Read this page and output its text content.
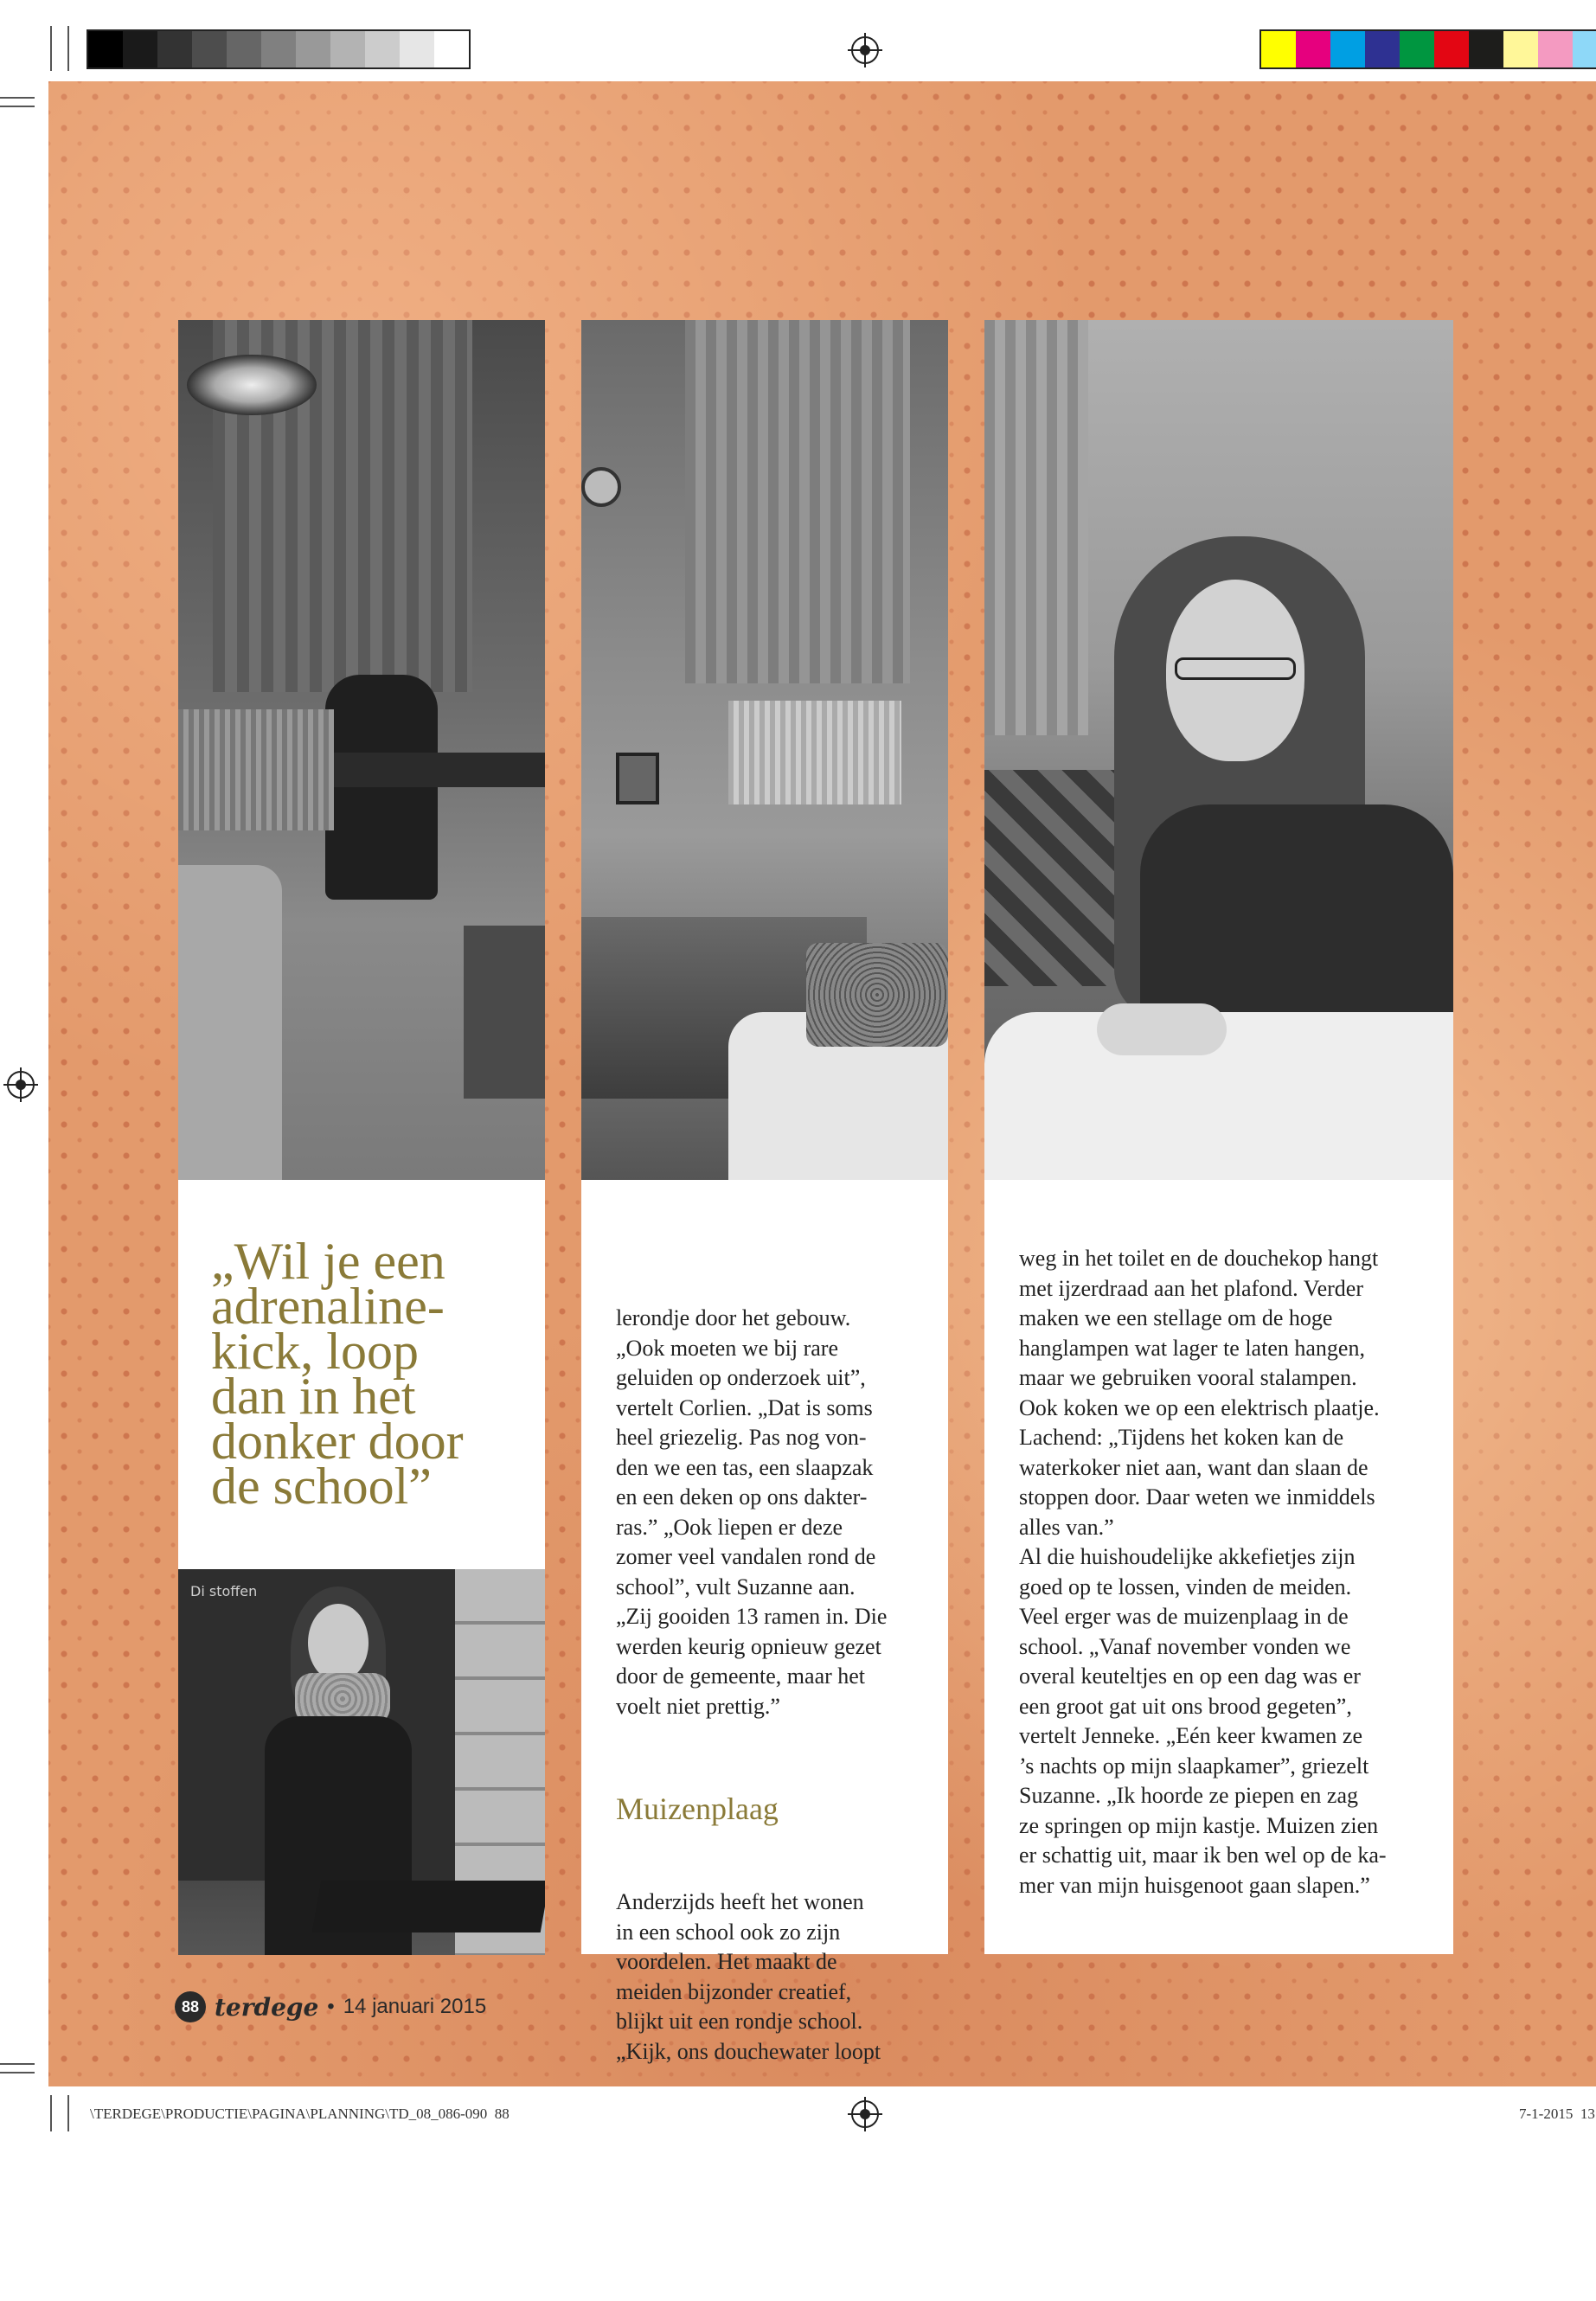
„Wil je een
adrenaline-
kick, loop
dan in het
donker door
de school”
Di stoffen

lerondje door het gebouw.
„Ook moeten we bij rare
geluiden op onderzoek uit”,
vertelt Corlien. „Dat is soms
heel griezelig. Pas nog von-
den we een tas, een slaapzak
en een deken op ons dakter-
ras.” „Ook liepen er deze
zomer veel vandalen rond de
school”, vult Suzanne aan.
„Zij gooiden 13 ramen in. Die
werden keurig opnieuw gezet
door de gemeente, maar het
voelt niet prettig.”

Muizenplaag

Anderzijds heeft het wonen
in een school ook zo zijn
voordelen. Het maakt de
meiden bijzonder creatief,
blijkt uit een rondje school.
„Kijk, ons douchewater loopt

weg in het toilet en de douchekop hangt
met ijzerdraad aan het plafond. Verder
maken we een stellage om de hoge
hanglampen wat lager te laten hangen,
maar we gebruiken vooral stalampen.
Ook koken we op een elektrisch plaatje.
Lachend: „Tijdens het koken kan de
waterkoker niet aan, want dan slaan de
stoppen door. Daar weten we inmiddels
alles van.”
Al die huishoudelijke akkefietjes zijn
goed op te lossen, vinden de meiden.
Veel erger was de muizenplaag in de
school. „Vanaf november vonden we
overal keuteltjes en op een dag was er
een groot gat uit ons brood gegeten”,
vertelt Jenneke. „Eén keer kwamen ze
’s nachts op mijn slaapkamer”, griezelt
Suzanne. „Ik hoorde ze piepen en zag
ze springen op mijn kastje. Muizen zien
er schattig uit, maar ik ben wel op de ka-
mer van mijn huisgenoot gaan slapen.”
88 terdege • 14 januari 2015
\TERDEGE\PRODUCTIE\PAGINA\PLANNING\TD_08_086-090  88	7-1-2015  13
